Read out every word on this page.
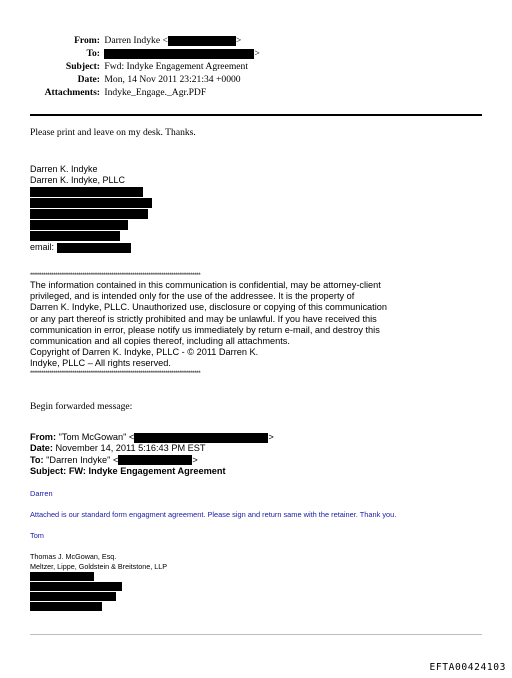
From: Darren Indyke <	>
To:	>
Subject: Fwd: Indyke Engagement Agreement
Date: Mon, 14 Nov 2011 23:21:34 +0000
Attachments: Indyke_Engage._Agr.PDF
Please print and leave on my desk. Thanks.
Darren K. Indyke
Darren K. Indyke, PLLC
email:
****************************************************************************************
The information contained in this communication is confidential, may be attorney-client
privileged, and is intended only for the use of the addressee. It is the property of
Darren K. Indyke, PLLC. Unauthorized use, disclosure or copying of this communication
or any part thereof is strictly prohibited and may be unlawful. If you have received this
communication in error, please notify us immediately by return e-mail, and destroy this
communication and all copies thereof, including all attachments.
Copyright of Darren K. Indyke, PLLC - © 2011 Darren K.
Indyke, PLLC – All rights reserved.
****************************************************************************************
Begin forwarded message:
From: "Tom McGowan" <	>
Date: November 14, 2011 5:16:43 PM EST
To: "Darren Indyke" <	>
Subject: FW: Indyke Engagement Agreement
Darren
Attached is our standard form engagment agreement. Please sign and return same with the retainer. Thank you.
Tom
Thomas J. McGowan, Esq.
Meltzer, Lippe, Goldstein & Breitstone, LLP
EFTA00424103
